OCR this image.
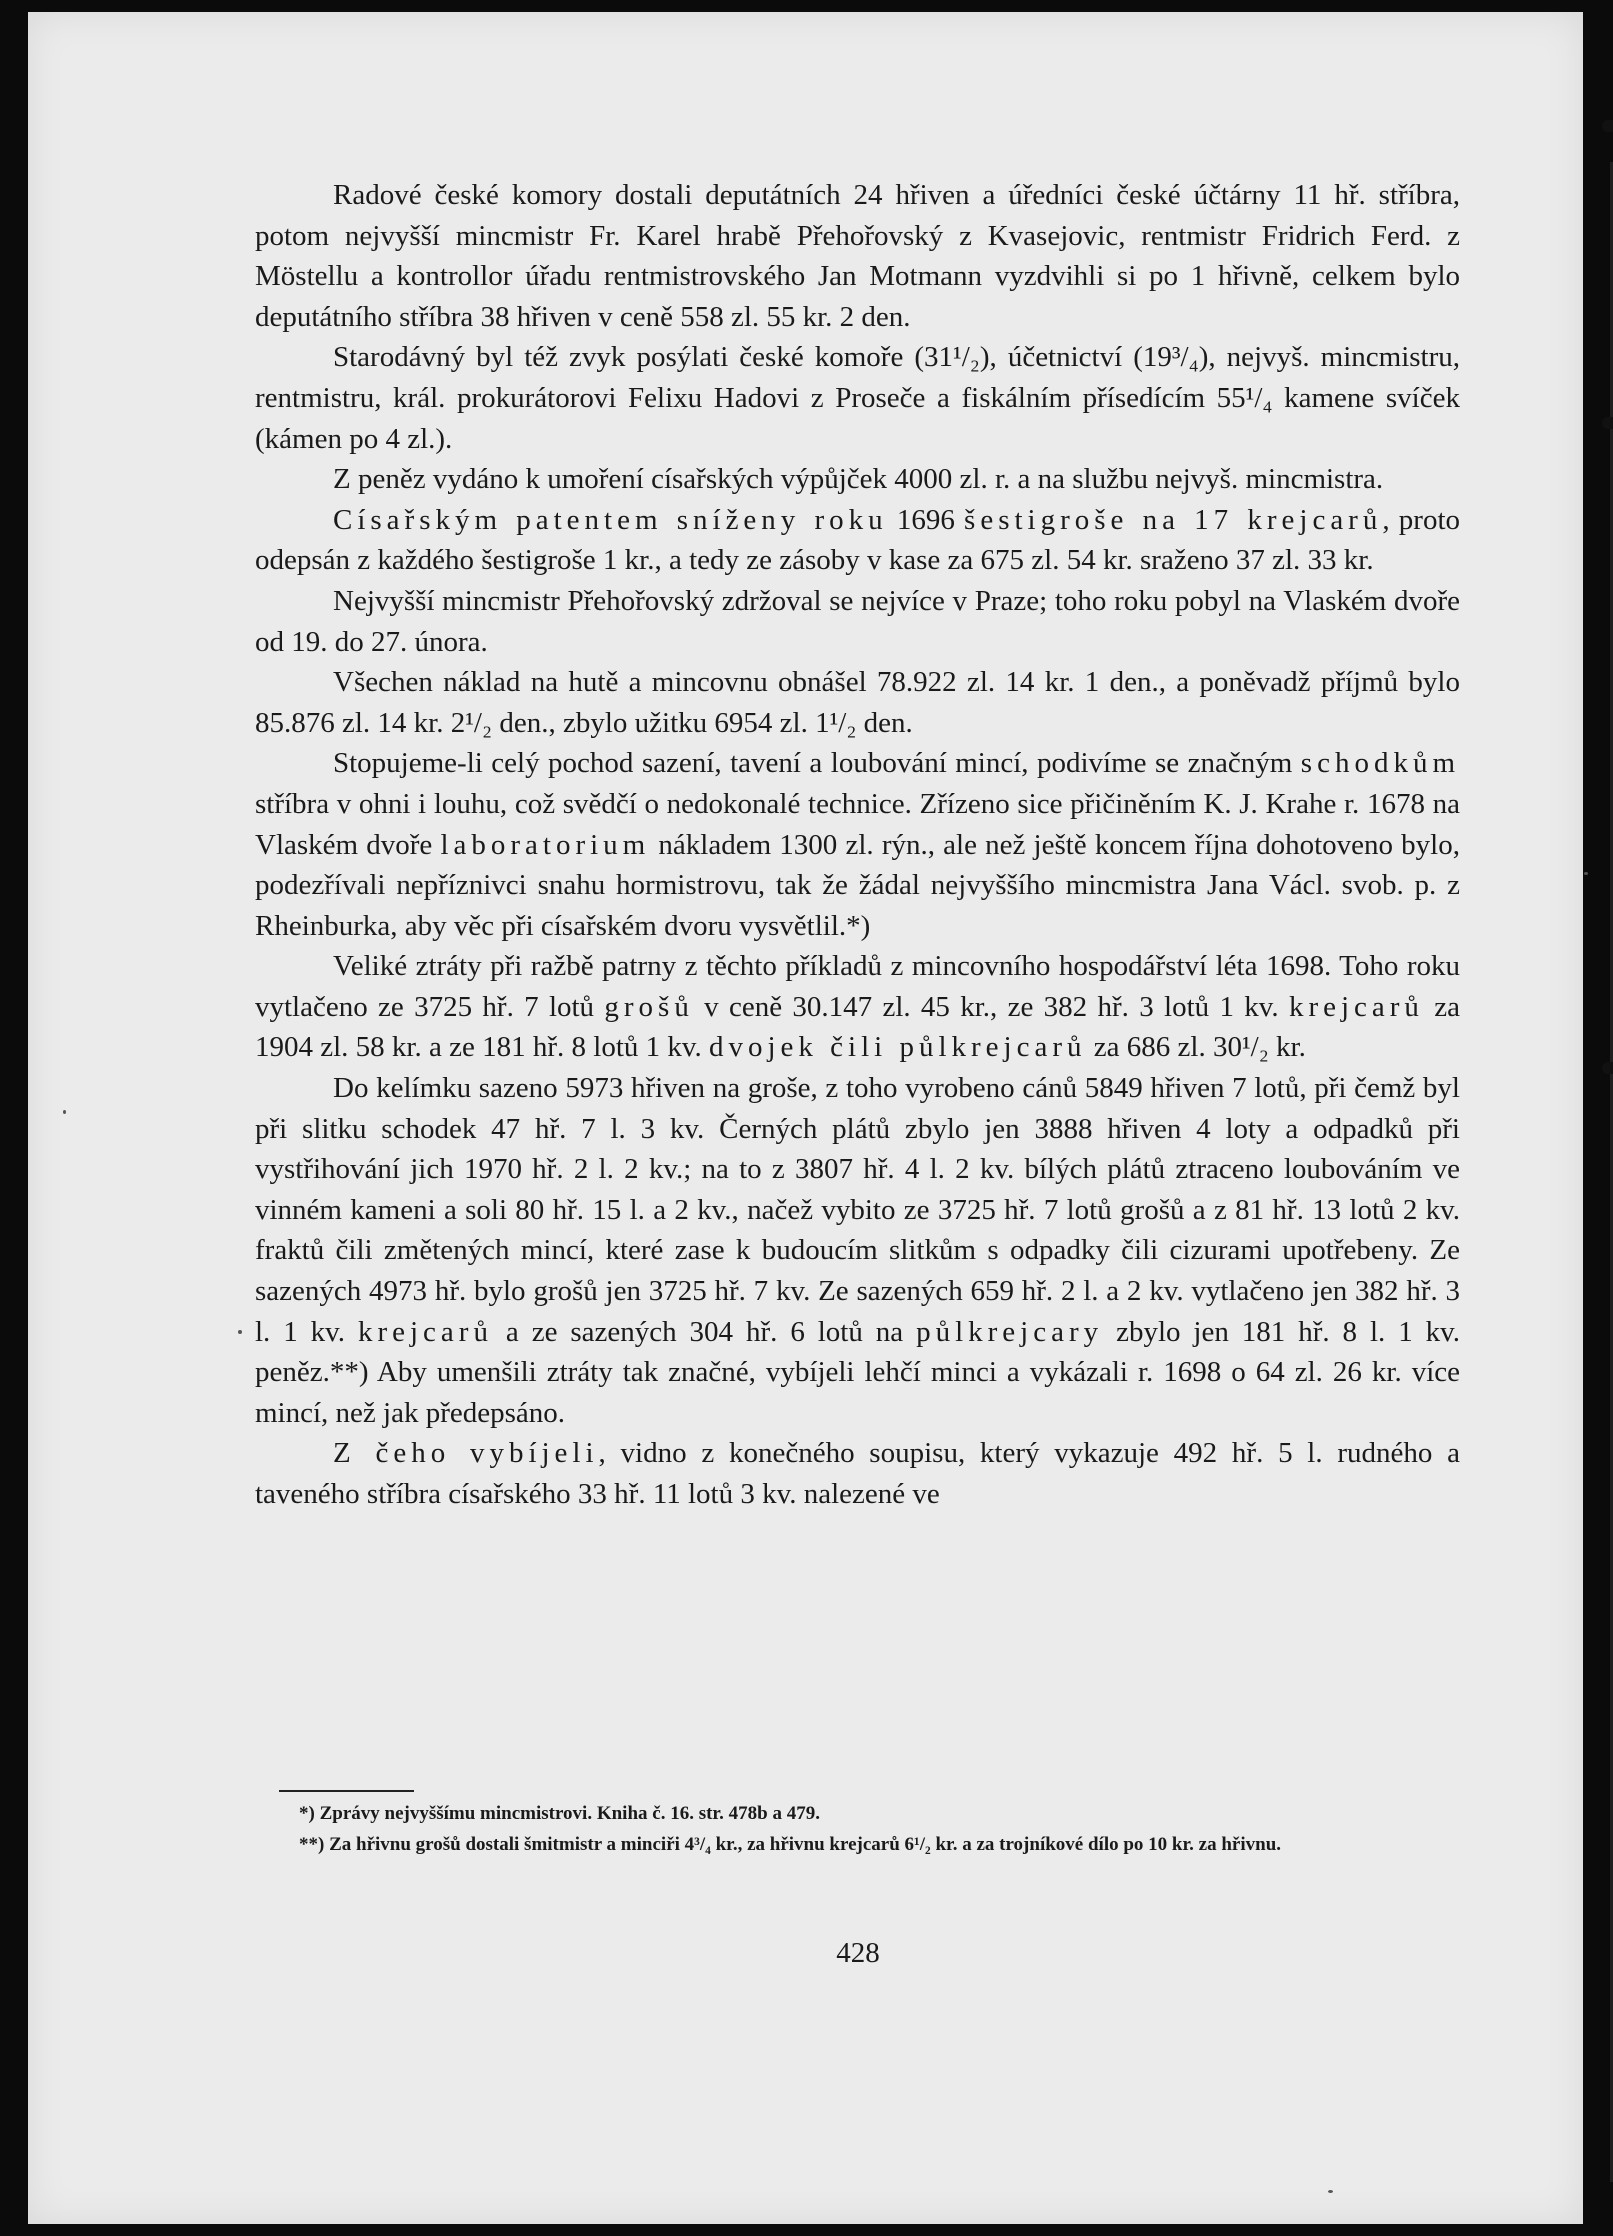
Radové české komory dostali deputátních 24 hřiven a úředníci české účtárny 11 hř. stříbra, potom nejvyšší mincmistr Fr. Karel hrabě Přehořovský z Kvasejovic, rentmistr Fridrich Ferd. z Möstellu a kontrollor úřadu rentmistrovského Jan Motmann vyzdvihli si po 1 hřivně, celkem bylo deputátního stříbra 38 hřiven v ceně 558 zl. 55 kr. 2 den.

Starodávný byl též zvyk posýlati české komoře (31¹/₂), účetnictví (19³/₄), nejvyš. mincmistru, rentmistru, král. prokurátorovi Felixu Hadovi z Proseče a fiskálním přísedícím 55¹/₄ kamene svíček (kámen po 4 zl.).

Z peněz vydáno k umoření císařských výpůjček 4000 zl. r. a na službu nejvyš. mincmistra.

Císařským patentem sníženy roku 1696 šestigroše na 17 krejcarů, proto odepsán z každého šestigroše 1 kr., a tedy ze zásoby v kase za 675 zl. 54 kr. sraženo 37 zl. 33 kr.

Nejvyšší mincmistr Přehořovský zdržoval se nejvíce v Praze; toho roku pobyl na Vlaském dvoře od 19. do 27. února.

Všechen náklad na hutě a mincovnu obnášel 78.922 zl. 14 kr. 1 den., a poněvadž příjmů bylo 85.876 zl. 14 kr. 2¹/₂ den., zbylo užitku 6954 zl. 1¹/₂ den.

Stopujeme-li celý pochod sazení, tavení a loubování mincí, podivíme se značným schodkům stříbra v ohni i louhu, což svědčí o nedokonalé technice. Zřízeno sice přičiněním K. J. Krahe r. 1678 na Vlaském dvoře laboratorium nákladem 1300 zl. rýn., ale než ještě koncem října dohotoveno bylo, podezřívali nepříznivci snahu hormistrovu, tak že žádal nejvyššího mincmistra Jana Václ. svob. p. z Rheinburka, aby věc při císařském dvoru vysvětlil.*)

Veliké ztráty při ražbě patrny z těchto příkladů z mincovního hospodářství léta 1698. Toho roku vytlačeno ze 3725 hř. 7 lotů grošů v ceně 30.147 zl. 45 kr., ze 382 hř. 3 lotů 1 kv. krejcarů za 1904 zl. 58 kr. a ze 181 hř. 8 lotů 1 kv. dvojek čili půlkrejcarů za 686 zl. 30¹/₂ kr.

Do kelímku sazeno 5973 hřiven na groše, z toho vyrobeno cánů 5849 hřiven 7 lotů, při čemž byl při slitku schodek 47 hř. 7 l. 3 kv. Černých plátů zbylo jen 3888 hřiven 4 loty a odpadků při vystřihování jich 1970 hř. 2 l. 2 kv.; na to z 3807 hř. 4 l. 2 kv. bílých plátů ztraceno loubováním ve vinném kameni a soli 80 hř. 15 l. a 2 kv., načež vybito ze 3725 hř. 7 lotů grošů a z 81 hř. 13 lotů 2 kv. fraktů čili změtených mincí, které zase k budoucím slitkům s odpadky čili cizurami upotřebeny. Ze sazených 4973 hř. bylo grošů jen 3725 hř. 7 kv. Ze sazených 659 hř. 2 l. a 2 kv. vytlačeno jen 382 hř. 3 l. 1 kv. krejcarů a ze sazených 304 hř. 6 lotů na půlkrejcary zbylo jen 181 hř. 8 l. 1 kv. peněz.**) Aby umenšili ztráty tak značné, vybíjeli lehčí minci a vykázali r. 1698 o 64 zl. 26 kr. více mincí, než jak předepsáno.

Z čeho vybíjeli, vidno z konečného soupisu, který vykazuje 492 hř. 5 l. rudného a taveného stříbra císařského 33 hř. 11 lotů 3 kv. nalezené ve

*) Zprávy nejvyššímu mincmistrovi. Kniha č. 16. str. 478b a 479.

**) Za hřivnu grošů dostali šmitmistr a minciři 4³/₄ kr., za hřivnu krejcarů 6¹/₂ kr. a za trojníkové dílo po 10 kr. za hřivnu.

428
